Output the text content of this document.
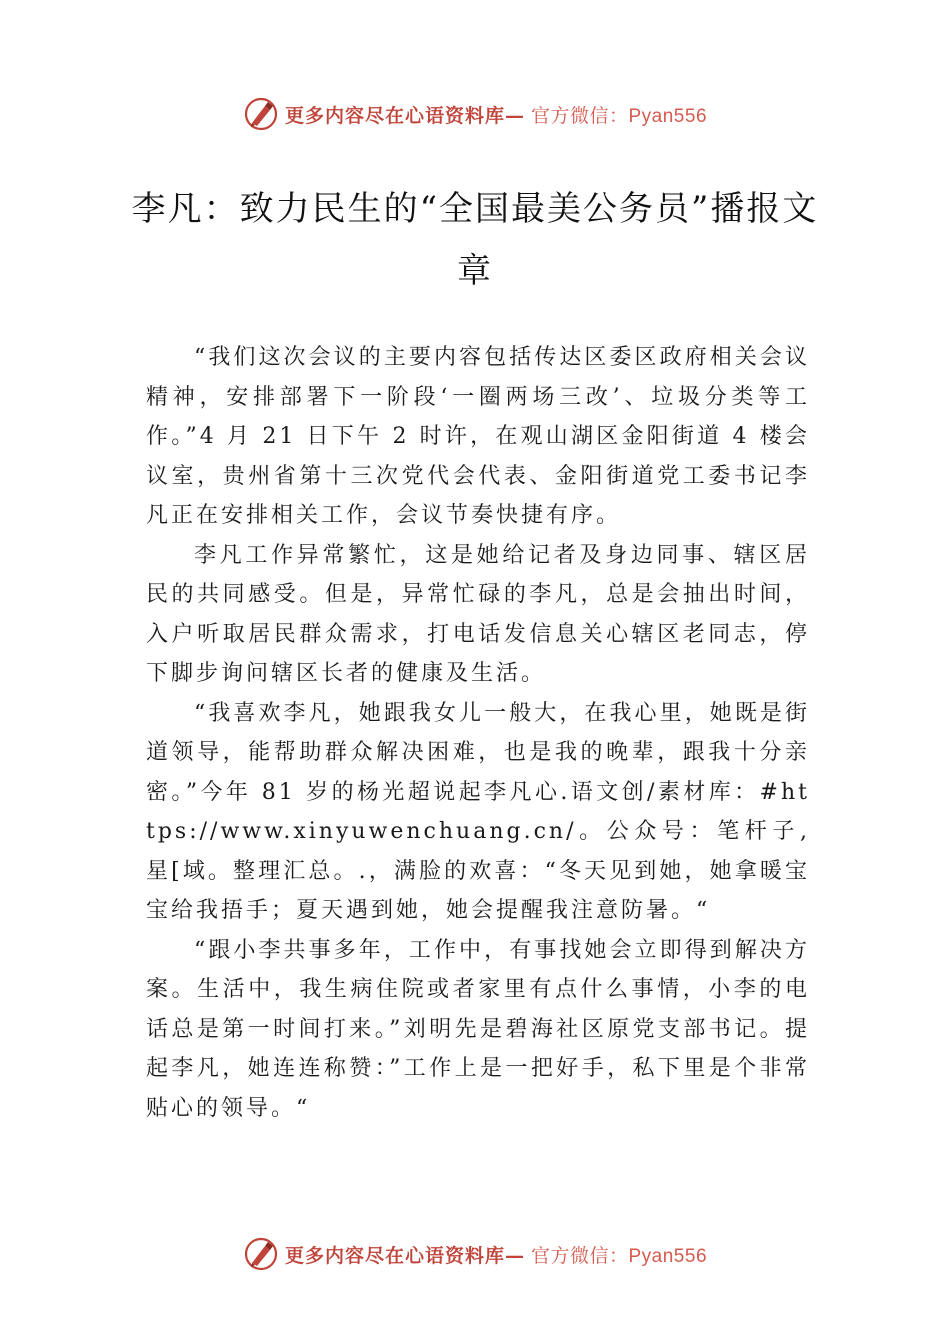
更多内容尽在心语资料库— 官方微信：Pyan556
李凡：致力民生的“全国最美公务员”播报文章

“我们这次会议的主要内容包括传达区委区政府相关会议精神，安排部署下一阶段‘一圈两场三改’、垃圾分类等工作。”4 月 21 日下午 2 时许，在观山湖区金阳街道 4 楼会议室，贵州省第十三次党代会代表、金阳街道党工委书记李凡正在安排相关工作，会议节奏快捷有序。

李凡工作异常繁忙，这是她给记者及身边同事、辖区居民的共同感受。但是，异常忙碌的李凡，总是会抽出时间， 入户听取居民群众需求，打电话发信息关心辖区老同志，停下脚步询问辖区长者的健康及生活。

“我喜欢李凡，她跟我女儿一般大，在我心里，她既是街道领导，能帮助群众解决困难，也是我的晚辈，跟我十分亲密。”今年 81 岁的杨光超说起李凡心.语文创/素材库：#https://www.xinyuwenchuang.cn/。公众号：笔杆子,星[域。整理汇总。.，满脸的欢喜：“冬天见到她，她拿暖宝宝给我捂手；夏天遇到她，她会提醒我注意防暑。“

“跟小李共事多年，工作中，有事找她会立即得到解决方案。生活中，我生病住院或者家里有点什么事情，小李的电话总是第一时间打来。”刘明先是碧海社区原党支部书记。提起李凡，她连连称赞：”工作上是一把好手，私下里是个非常贴心的领导。“

更多内容尽在心语资料库— 官方微信：Pyan556
